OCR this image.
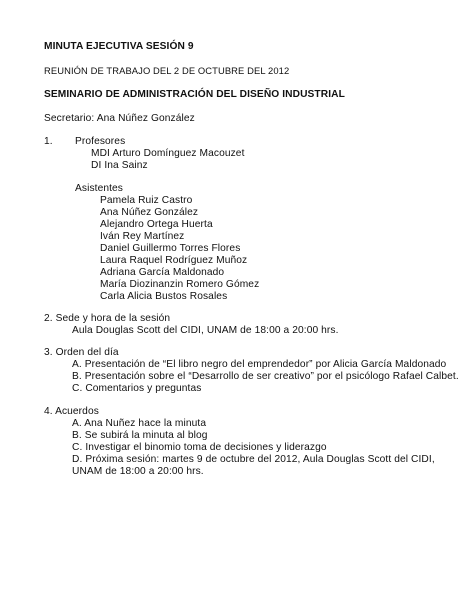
MINUTA EJECUTIVA SESIÓN 9
REUNIÓN DE TRABAJO DEL 2 DE OCTUBRE DEL 2012
SEMINARIO DE ADMINISTRACIÓN DEL DISEÑO INDUSTRIAL
Secretario: Ana Núñez González
1. Profesores
MDI Arturo Domínguez Macouzet
DI Ina Sainz
Asistentes
Pamela Ruiz Castro
Ana Núñez González
Alejandro Ortega Huerta
Iván Rey Martínez
Daniel Guillermo Torres Flores
Laura Raquel Rodríguez Muñoz
Adriana García Maldonado
María Diozinanzin Romero Gómez
Carla Alicia Bustos Rosales
2. Sede y hora de la sesión
Aula Douglas Scott del CIDI, UNAM de 18:00 a 20:00 hrs.
3. Orden del día
A. Presentación de “El libro negro del emprendedor” por Alicia García Maldonado
B. Presentación sobre el “Desarrollo de ser creativo” por el psicólogo Rafael Calbet.
C. Comentarios y preguntas
4. Acuerdos
A. Ana Nuñez hace la minuta
B. Se subirá la minuta al blog
C. Investigar el binomio toma de decisiones y liderazgo
D. Próxima sesión: martes 9 de octubre del 2012, Aula Douglas Scott del CIDI,
UNAM de 18:00 a 20:00 hrs.
